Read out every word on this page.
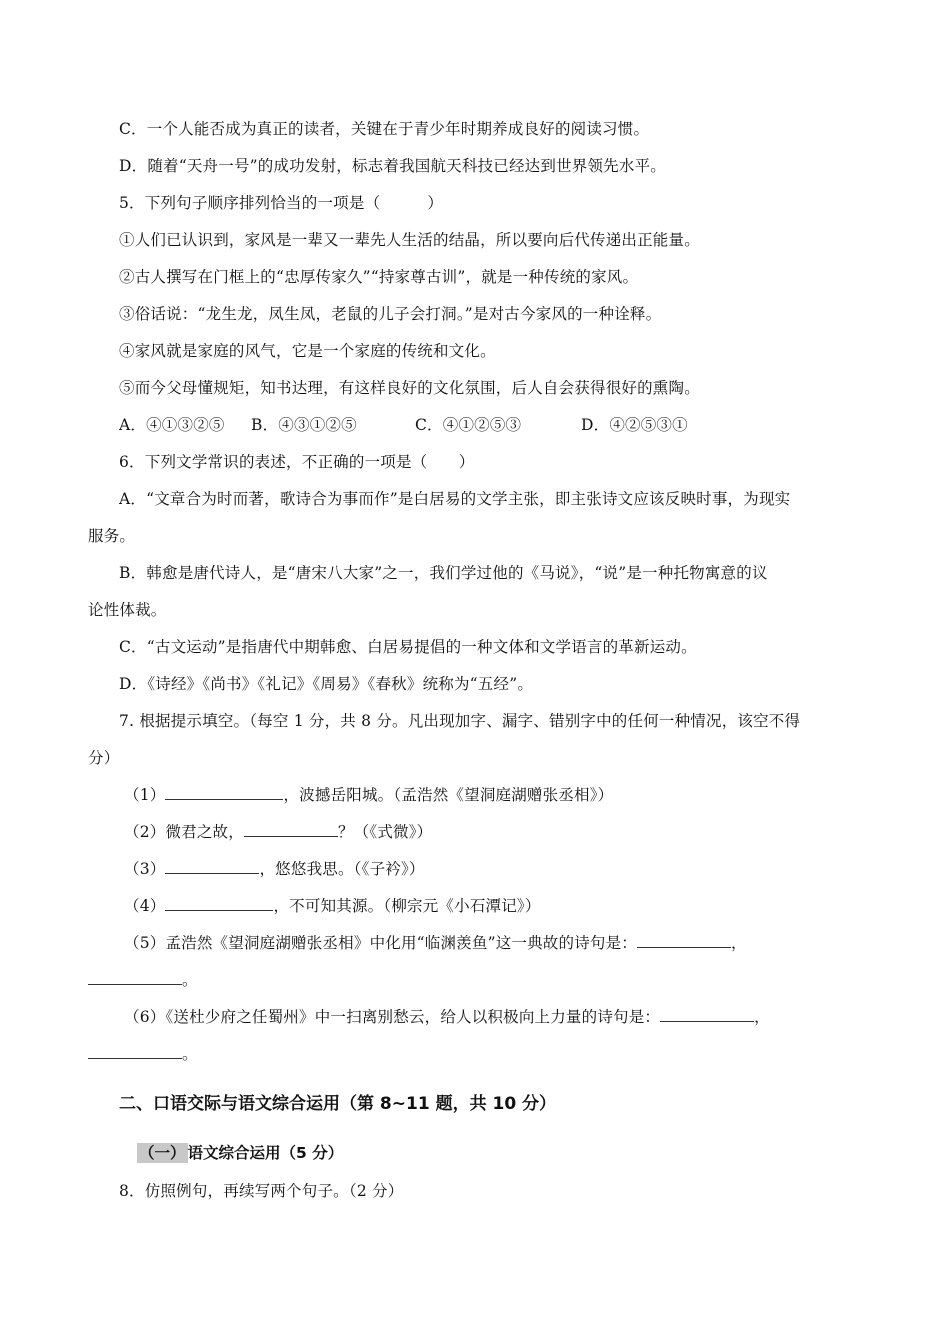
C．一个人能否成为真正的读者，关键在于青少年时期养成良好的阅读习惯。
D．随着“天舟一号”的成功发射，标志着我国航天科技已经达到世界领先水平。
5．下列句子顺序排列恰当的一项是（　　　）
①人们已认识到，家风是一辈又一辈先人生活的结晶，所以要向后代传递出正能量。
②古人撰写在门框上的“忠厚传家久”“持家尊古训”，就是一种传统的家风。
③俗话说：“龙生龙，凤生凤，老鼠的儿子会打洞。”是对古今家风的一种诠释。
④家风就是家庭的风气，它是一个家庭的传统和文化。
⑤而今父母懂规矩，知书达理，有这样良好的文化氛围，后人自会获得很好的熏陶。
A．④①③②⑤ B．④③①②⑤	C．④①②⑤③	D．④②⑤③①
6．下列文学常识的表述，不正确的一项是（　　）
A．“文章合为时而著，歌诗合为事而作”是白居易的文学主张，即主张诗文应该反映时事，为现实
服务。
B．韩愈是唐代诗人，是“唐宋八大家”之一，我们学过他的《马说》，“说”是一种托物寓意的议
论性体裁。
C．“古文运动”是指唐代中期韩愈、白居易提倡的一种文体和文学语言的革新运动。
D．《诗经》《尚书》《礼记》《周易》《春秋》统称为“五经”。
7. 根据提示填空。（每空 1 分，共 8 分。凡出现加字、漏字、错别字中的任何一种情况，该空不得
分）
（1）	，波撼岳阳城。（孟浩然《望洞庭湖赠张丞相》）
（2）微君之故，	？（《式微》）
（3）	，悠悠我思。（《子衿》）
（4）	，不可知其源。（柳宗元《小石潭记》）
（5）孟浩然《望洞庭湖赠张丞相》中化用“临渊羡鱼”这一典故的诗句是：	，
。
（6）《送杜少府之任蜀州》中一扫离别愁云，给人以积极向上力量的诗句是：	，
。
二、口语交际与语文综合运用（第 8~11 题，共 10 分）
（一） 语文综合运用（5 分）
8．仿照例句，再续写两个句子。（2 分）
